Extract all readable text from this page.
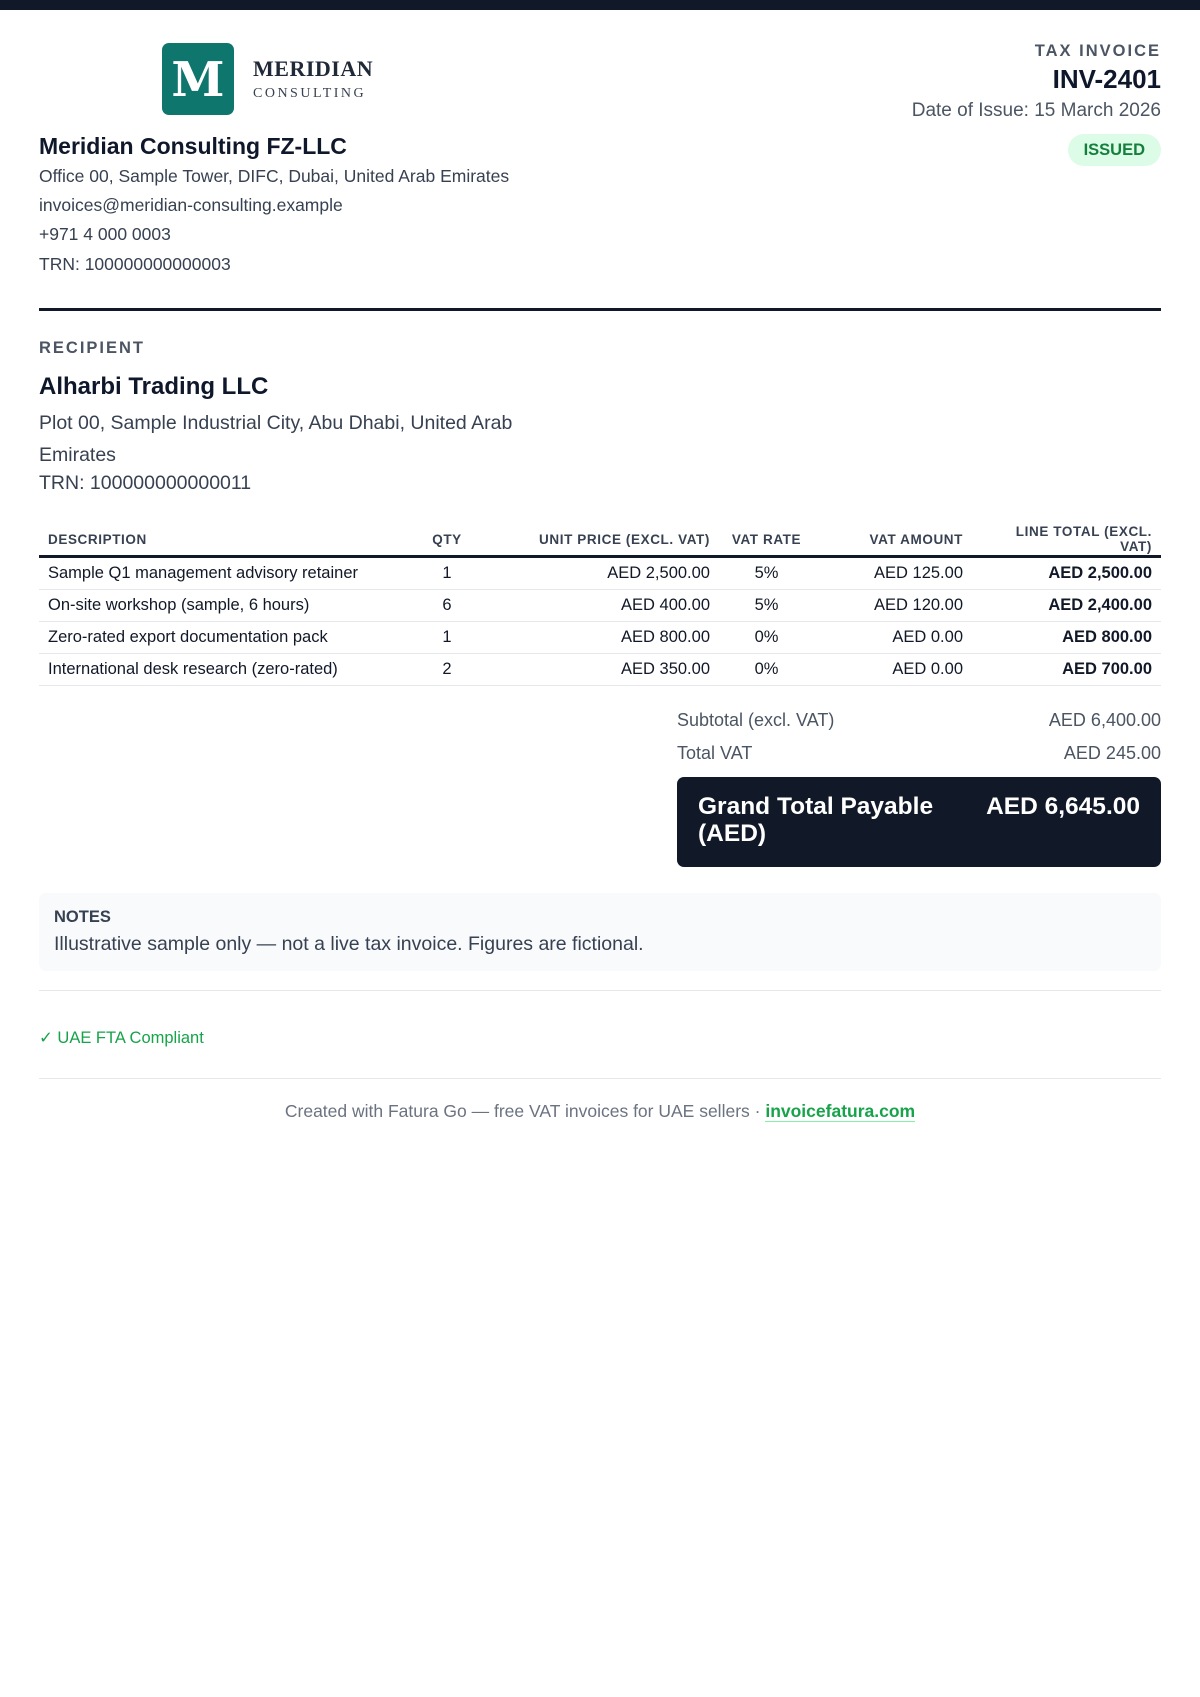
M	MERIDIAN
CONSULTING
Meridian Consulting FZ-LLC
Office 00, Sample Tower, DIFC, Dubai, United Arab Emirates
invoices@meridian-consulting.example
+971 4 000 0003
TRN: 100000000000003
TAX INVOICE
INV-2401
Date of Issue: 15 March 2026
ISSUED
RECIPIENT
Alharbi Trading LLC
Plot 00, Sample Industrial City, Abu Dhabi, United Arab Emirates
TRN: 100000000000011
DESCRIPTION	QTY	UNIT PRICE (EXCL. VAT)	VAT RATE	VAT AMOUNT	LINE TOTAL (EXCL. VAT)
Sample Q1 management advisory retainer	1	AED 2,500.00	5%	AED 125.00	AED 2,500.00
On-site workshop (sample, 6 hours)	6	AED 400.00	5%	AED 120.00	AED 2,400.00
Zero-rated export documentation pack	1	AED 800.00	0%	AED 0.00	AED 800.00
International desk research (zero-rated)	2	AED 350.00	0%	AED 0.00	AED 700.00
Subtotal (excl. VAT)	AED 6,400.00
Total VAT	AED 245.00
Grand Total Payable (AED)
AED 6,645.00
NOTES
Illustrative sample only — not a live tax invoice. Figures are fictional.
✓ UAE FTA Compliant
Created with Fatura Go — free VAT invoices for UAE sellers · invoicefatura.com
